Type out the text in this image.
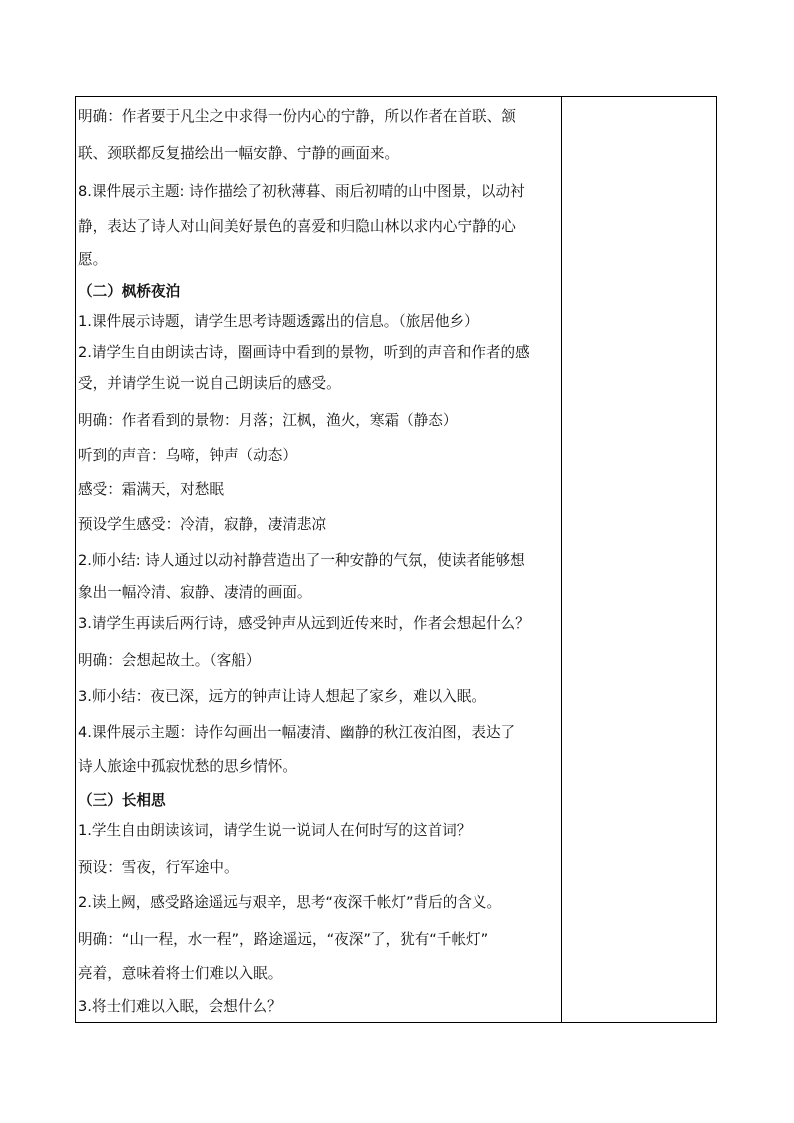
明确：作者要于凡尘之中求得一份内心的宁静，所以作者在首联、颔
联、颈联都反复描绘出一幅安静、宁静的画面来。
8.课件展示主题: 诗作描绘了初秋薄暮、雨后初晴的山中图景，以动衬
静，表达了诗人对山间美好景色的喜爱和归隐山林以求内心宁静的心
愿。
（二）枫桥夜泊
1.课件展示诗题，请学生思考诗题透露出的信息。（旅居他乡）
2.请学生自由朗读古诗，圈画诗中看到的景物，听到的声音和作者的感
受，并请学生说一说自己朗读后的感受。
明确：作者看到的景物：月落；江枫，渔火，寒霜（静态）
听到的声音：乌啼，钟声（动态）
感受：霜满天，对愁眠
预设学生感受：冷清，寂静，凄清悲凉
2.师小结: 诗人通过以动衬静营造出了一种安静的气氛，使读者能够想
象出一幅冷清、寂静、凄清的画面。
3.请学生再读后两行诗，感受钟声从远到近传来时，作者会想起什么？
明确：会想起故土。（客船）
3.师小结：夜已深，远方的钟声让诗人想起了家乡，难以入眠。
4.课件展示主题：诗作勾画出一幅凄清、幽静的秋江夜泊图，表达了
诗人旅途中孤寂忧愁的思乡情怀。
（三）长相思
1.学生自由朗读该词，请学生说一说词人在何时写的这首词？
预设：雪夜，行军途中。
2.读上阙，感受路途遥远与艰辛，思考“夜深千帐灯”背后的含义。
明确：“山一程，水一程”，路途遥远，“夜深”了，犹有“千帐灯”
亮着，意味着将士们难以入眠。
3.将士们难以入眠，会想什么？
